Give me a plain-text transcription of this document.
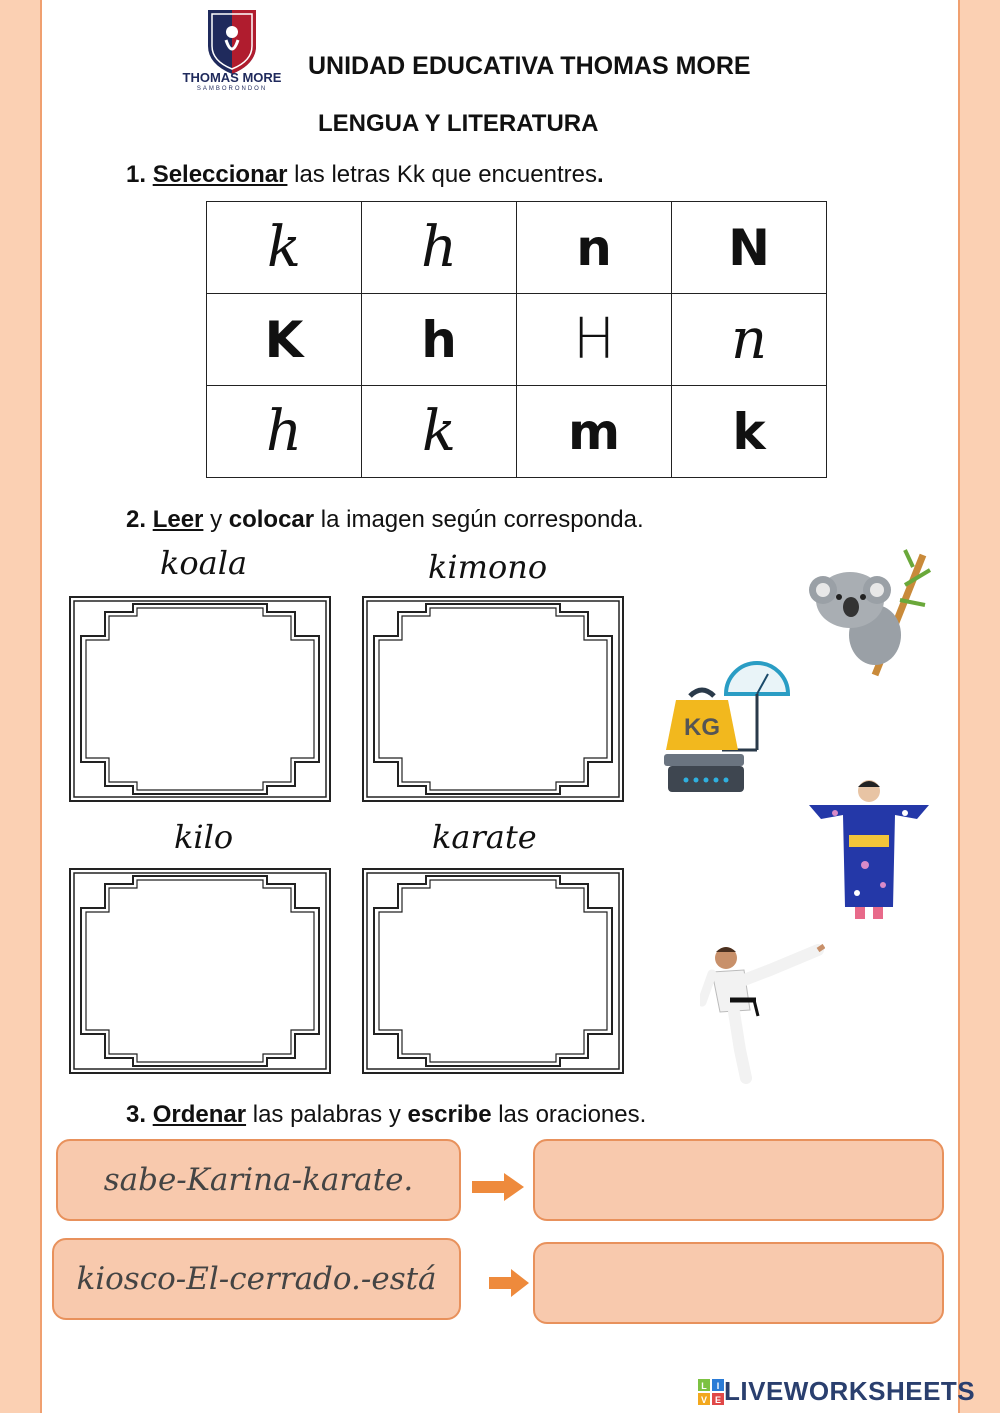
THOMAS MORE
SAMBORONDON
UNIDAD EDUCATIVA THOMAS MORE
LENGUA Y LITERATURA
1. Seleccionar las letras Kk que encuentres.
k	h	n	N
K	h	H	n
h	k	m	k
2. Leer y colocar la imagen según corresponda.
koala	kimono
kilo	karate
KG
3. Ordenar las palabras y escribe las oraciones.
sabe-Karina-karate.
kiosco-El-cerrado.-está
L I
V E LIVEWORKSHEETS
